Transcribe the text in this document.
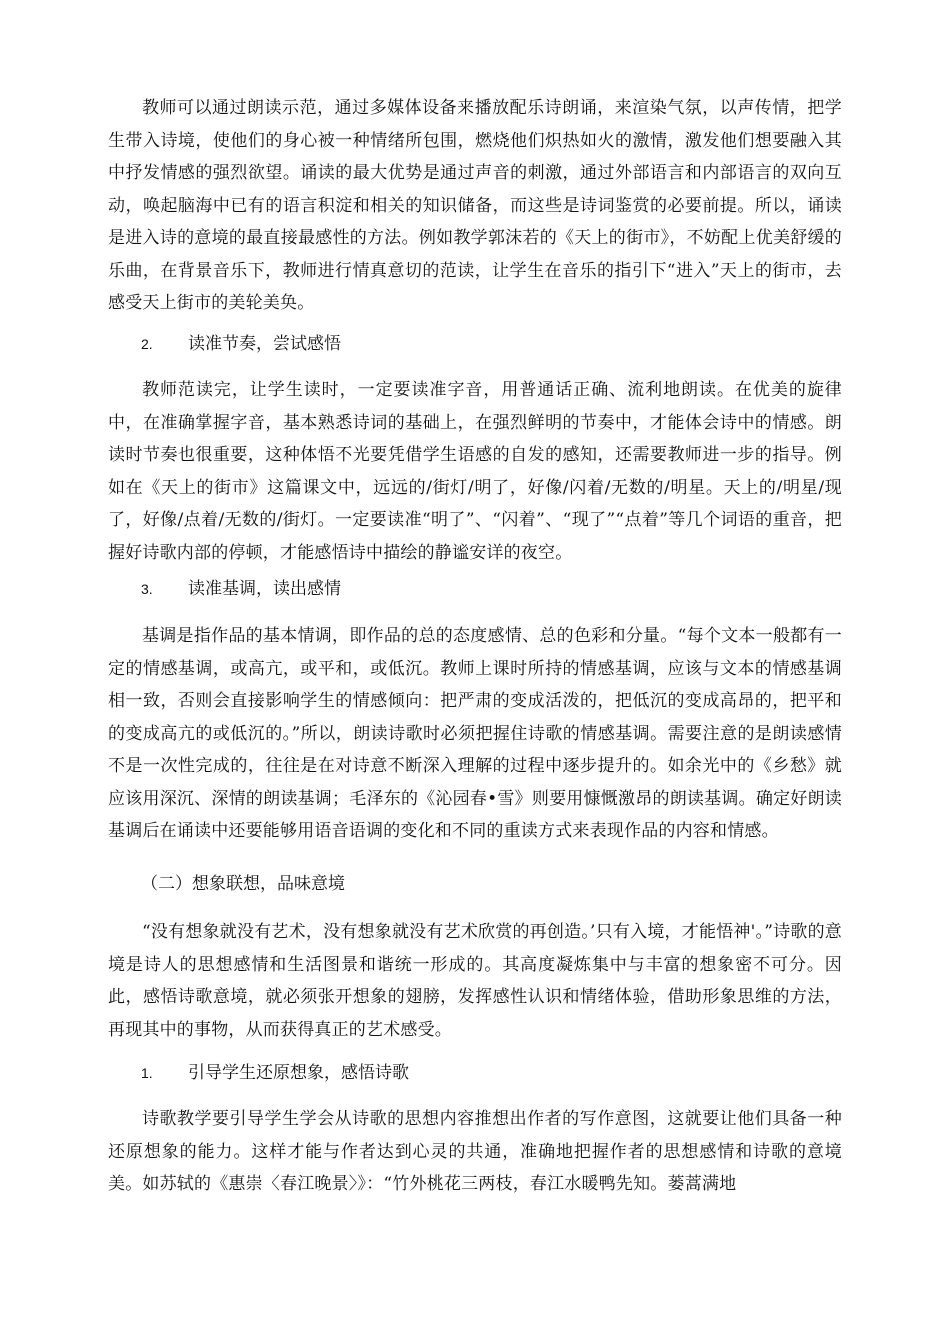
教师可以通过朗读示范，通过多媒体设备来播放配乐诗朗诵，来渲染气氛，以声传情，把学生带入诗境，使他们的身心被一种情绪所包围，燃烧他们炽热如火的激情，激发他们想要融入其中抒发情感的强烈欲望。诵读的最大优势是通过声音的刺激，通过外部语言和内部语言的双向互动，唤起脑海中已有的语言积淀和相关的知识储备，而这些是诗词鉴赏的必要前提。所以，诵读是进入诗的意境的最直接最感性的方法。例如教学郭沫若的《天上的街市》，不妨配上优美舒缓的乐曲，在背景音乐下，教师进行情真意切的范读，让学生在音乐的指引下“进入”天上的街市，去感受天上街市的美轮美奂。

2. 读准节奏，尝试感悟

教师范读完，让学生读时，一定要读准字音，用普通话正确、流利地朗读。在优美的旋律中，在准确掌握字音，基本熟悉诗词的基础上，在强烈鲜明的节奏中，才能体会诗中的情感。朗读时节奏也很重要，这种体悟不光要凭借学生语感的自发的感知，还需要教师进一步的指导。例如在《天上的街市》这篇课文中，远远的/街灯/明了，好像/闪着/无数的/明星。天上的/明星/现了，好像/点着/无数的/街灯。一定要读准“明了”、“闪着”、“现了”“点着”等几个词语的重音，把握好诗歌内部的停顿，才能感悟诗中描绘的静谧安详的夜空。

3. 读准基调，读出感情

基调是指作品的基本情调，即作品的总的态度感情、总的色彩和分量。“每个文本一般都有一定的情感基调，或高亢，或平和，或低沉。教师上课时所持的情感基调，应该与文本的情感基调相一致，否则会直接影响学生的情感倾向：把严肃的变成活泼的，把低沉的变成高昂的，把平和的变成高亢的或低沉的。”所以，朗读诗歌时必须把握住诗歌的情感基调。需要注意的是朗读感情不是一次性完成的，往往是在对诗意不断深入理解的过程中逐步提升的。如余光中的《乡愁》就应该用深沉、深情的朗读基调；毛泽东的《沁园春•雪》则要用慷慨激昂的朗读基调。确定好朗读基调后在诵读中还要能够用语音语调的变化和不同的重读方式来表现作品的内容和情感。

（二）想象联想，品味意境

“没有想象就没有艺术，没有想象就没有艺术欣赏的再创造。’只有入境，才能悟神'。”诗歌的意境是诗人的思想感情和生活图景和谐统一形成的。其高度凝炼集中与丰富的想象密不可分。因此，感悟诗歌意境，就必须张开想象的翅膀，发挥感性认识和情绪体验，借助形象思维的方法，再现其中的事物，从而获得真正的艺术感受。

1. 引导学生还原想象，感悟诗歌

诗歌教学要引导学生学会从诗歌的思想内容推想出作者的写作意图，这就要让他们具备一种还原想象的能力。这样才能与作者达到心灵的共通，准确地把握作者的思想感情和诗歌的意境美。如苏轼的《惠崇〈春江晚景〉》：“竹外桃花三两枝，春江水暖鸭先知。蒌蒿满地
